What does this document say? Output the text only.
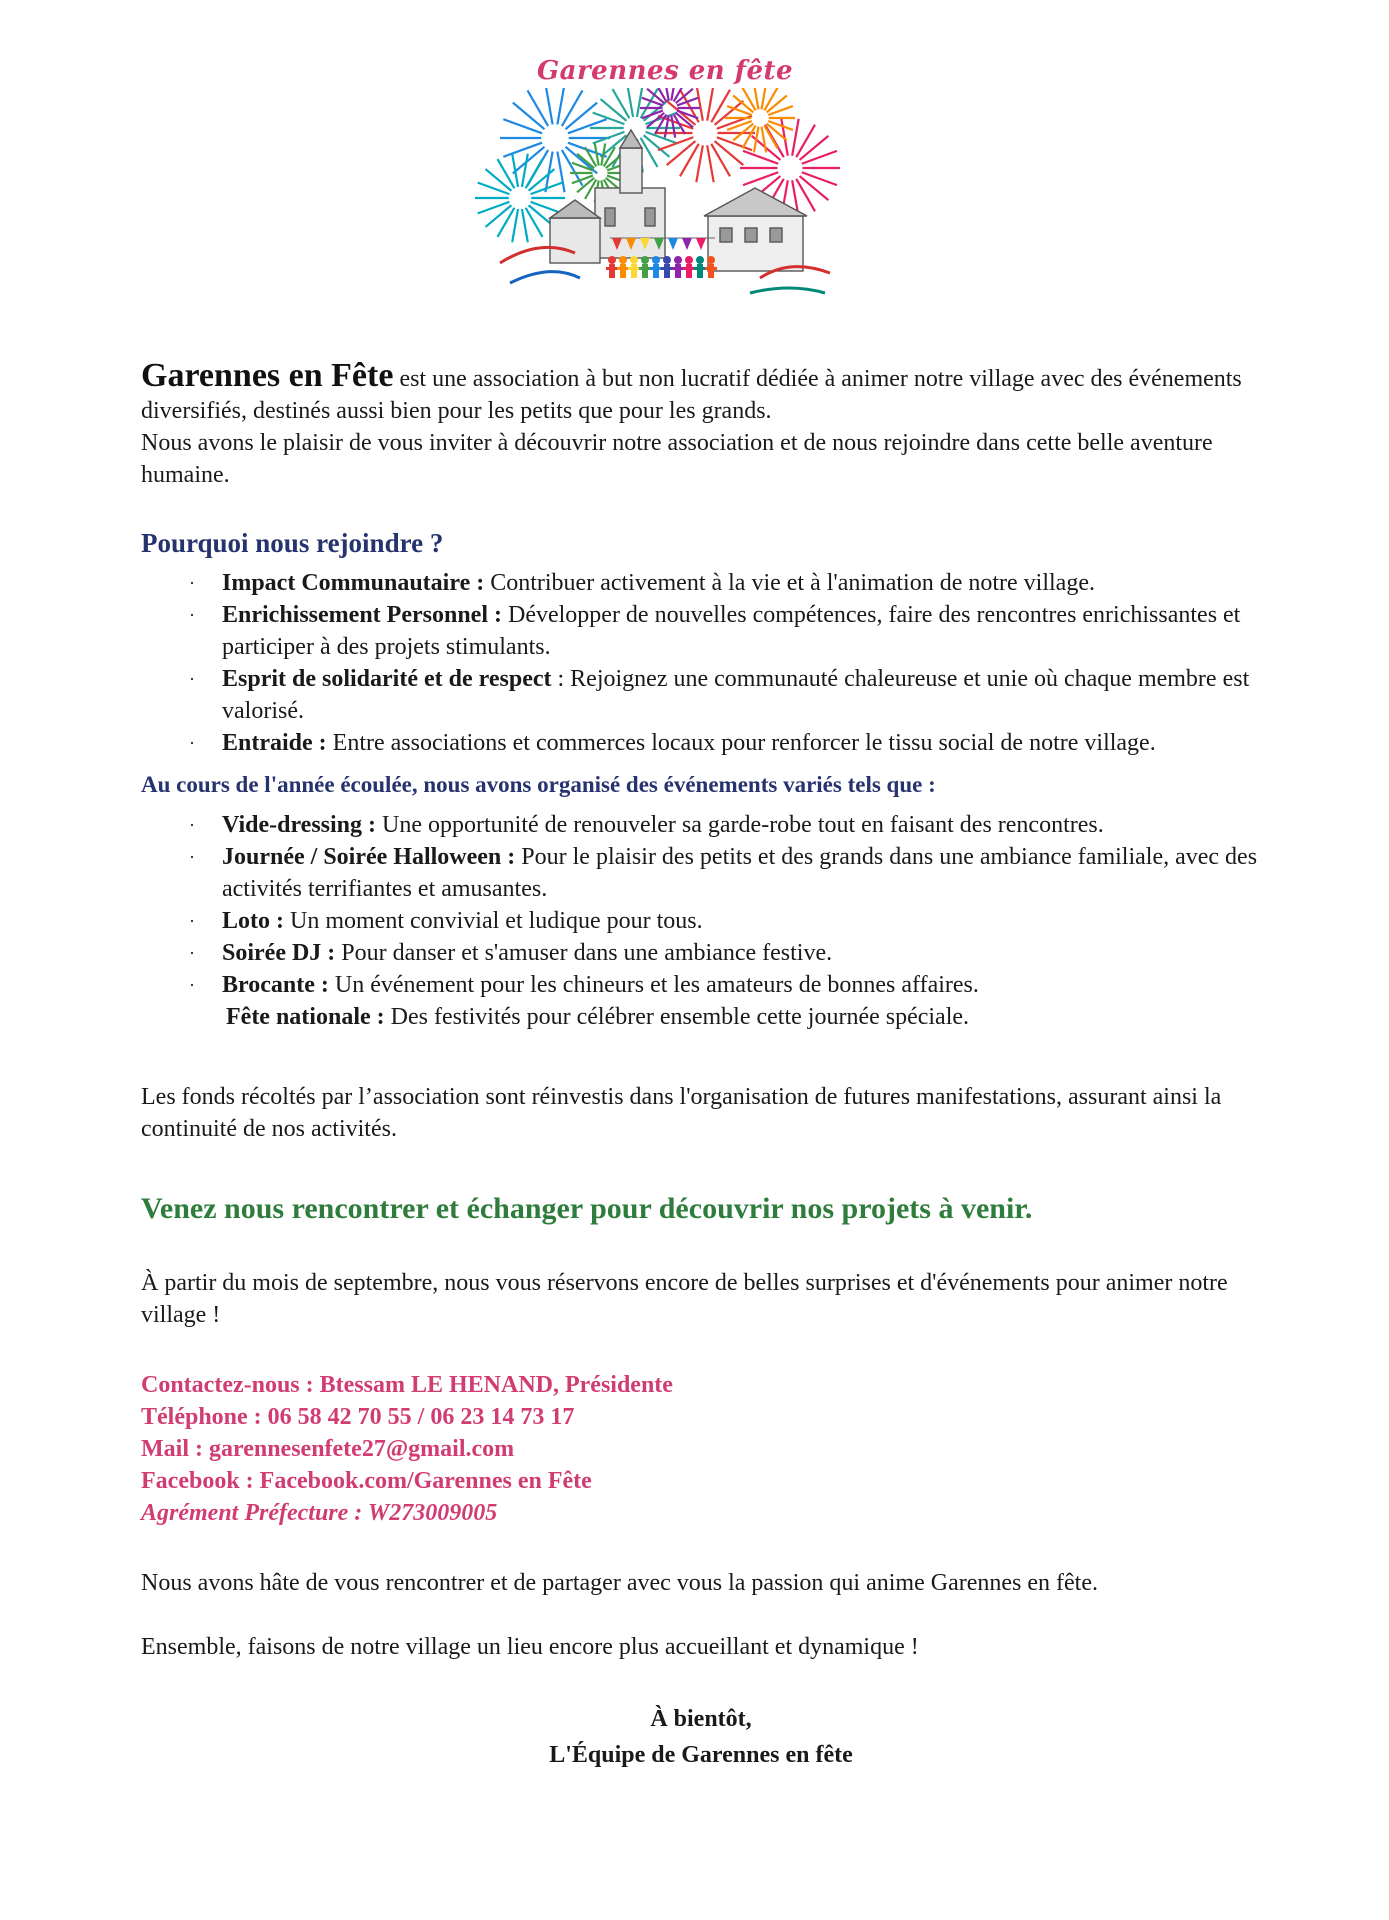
Garennes en fête

Garennes en Fête est une association à but non lucratif dédiée à animer notre village avec des événements diversifiés, destinés aussi bien pour les petits que pour les grands.

Nous avons le plaisir de vous inviter à découvrir notre association et de nous rejoindre dans cette belle aventure humaine.

Pourquoi nous rejoindre ?
· Impact Communautaire : Contribuer activement à la vie et à l'animation de notre village.
· Enrichissement Personnel : Développer de nouvelles compétences, faire des rencontres enrichissantes et participer à des projets stimulants.
· Esprit de solidarité et de respect : Rejoignez une communauté chaleureuse et unie où chaque membre est valorisé.
· Entraide : Entre associations et commerces locaux pour renforcer le tissu social de notre village.
Au cours de l'année écoulée, nous avons organisé des événements variés tels que :
· Vide-dressing : Une opportunité de renouveler sa garde-robe tout en faisant des rencontres.
· Journée / Soirée Halloween : Pour le plaisir des petits et des grands dans une ambiance familiale, avec des activités terrifiantes et amusantes.
· Loto : Un moment convivial et ludique pour tous.
· Soirée DJ : Pour danser et s'amuser dans une ambiance festive.
· Brocante : Un événement pour les chineurs et les amateurs de bonnes affaires.
Fête nationale : Des festivités pour célébrer ensemble cette journée spéciale.

Les fonds récoltés par l’association sont réinvestis dans l'organisation de futures manifestations, assurant ainsi la continuité de nos activités.

Venez nous rencontrer et échanger pour découvrir nos projets à venir.

À partir du mois de septembre, nous vous réservons encore de belles surprises et d'événements pour animer notre village !

Contactez-nous : Btessam LE HENAND, Présidente

Téléphone : 06 58 42 70 55 / 06 23 14 73 17

Mail : garennesenfete27@gmail.com

Facebook : Facebook.com/Garennes en Fête

Agrément Préfecture : W273009005

Nous avons hâte de vous rencontrer et de partager avec vous la passion qui anime Garennes en fête.

Ensemble, faisons de notre village un lieu encore plus accueillant et dynamique !

À bientôt,

L'Équipe de Garennes en fête
